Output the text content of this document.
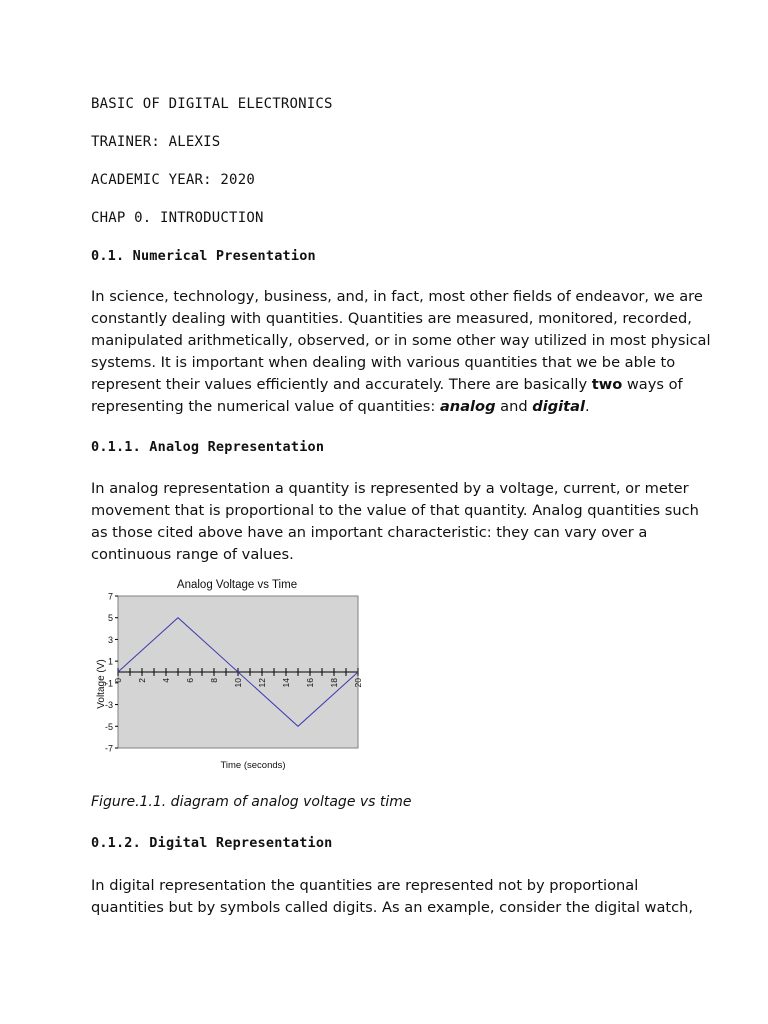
BASIC OF DIGITAL ELECTRONICS

TRAINER: ALEXIS

ACADEMIC YEAR: 2020

CHAP 0. INTRODUCTION

0.1. Numerical Presentation

In science, technology, business, and, in fact, most other fields of endeavor, we are
constantly dealing with quantities. Quantities are measured, monitored, recorded,
manipulated arithmetically, observed, or in some other way utilized in most physical
systems. It is important when dealing with various quantities that we be able to
represent their values efficiently and accurately. There are basically two ways of
representing the numerical value of quantities: analog and digital.

0.1.1. Analog Representation

In analog representation a quantity is represented by a voltage, current, or meter
movement that is proportional to the value of that quantity. Analog quantities such
as those cited above have an important characteristic: they can vary over a
continuous range of values.
Analog Voltage vs Time
7
5
3
1
-1
-3
-5
-7
0 2 4 6 8 10 12 14 16 18 20
Voltage (V)
Time (seconds)

Figure.1.1. diagram of analog voltage vs time

0.1.2. Digital Representation

In digital representation the quantities are represented not by proportional
quantities but by symbols called digits. As an example, consider the digital watch,
